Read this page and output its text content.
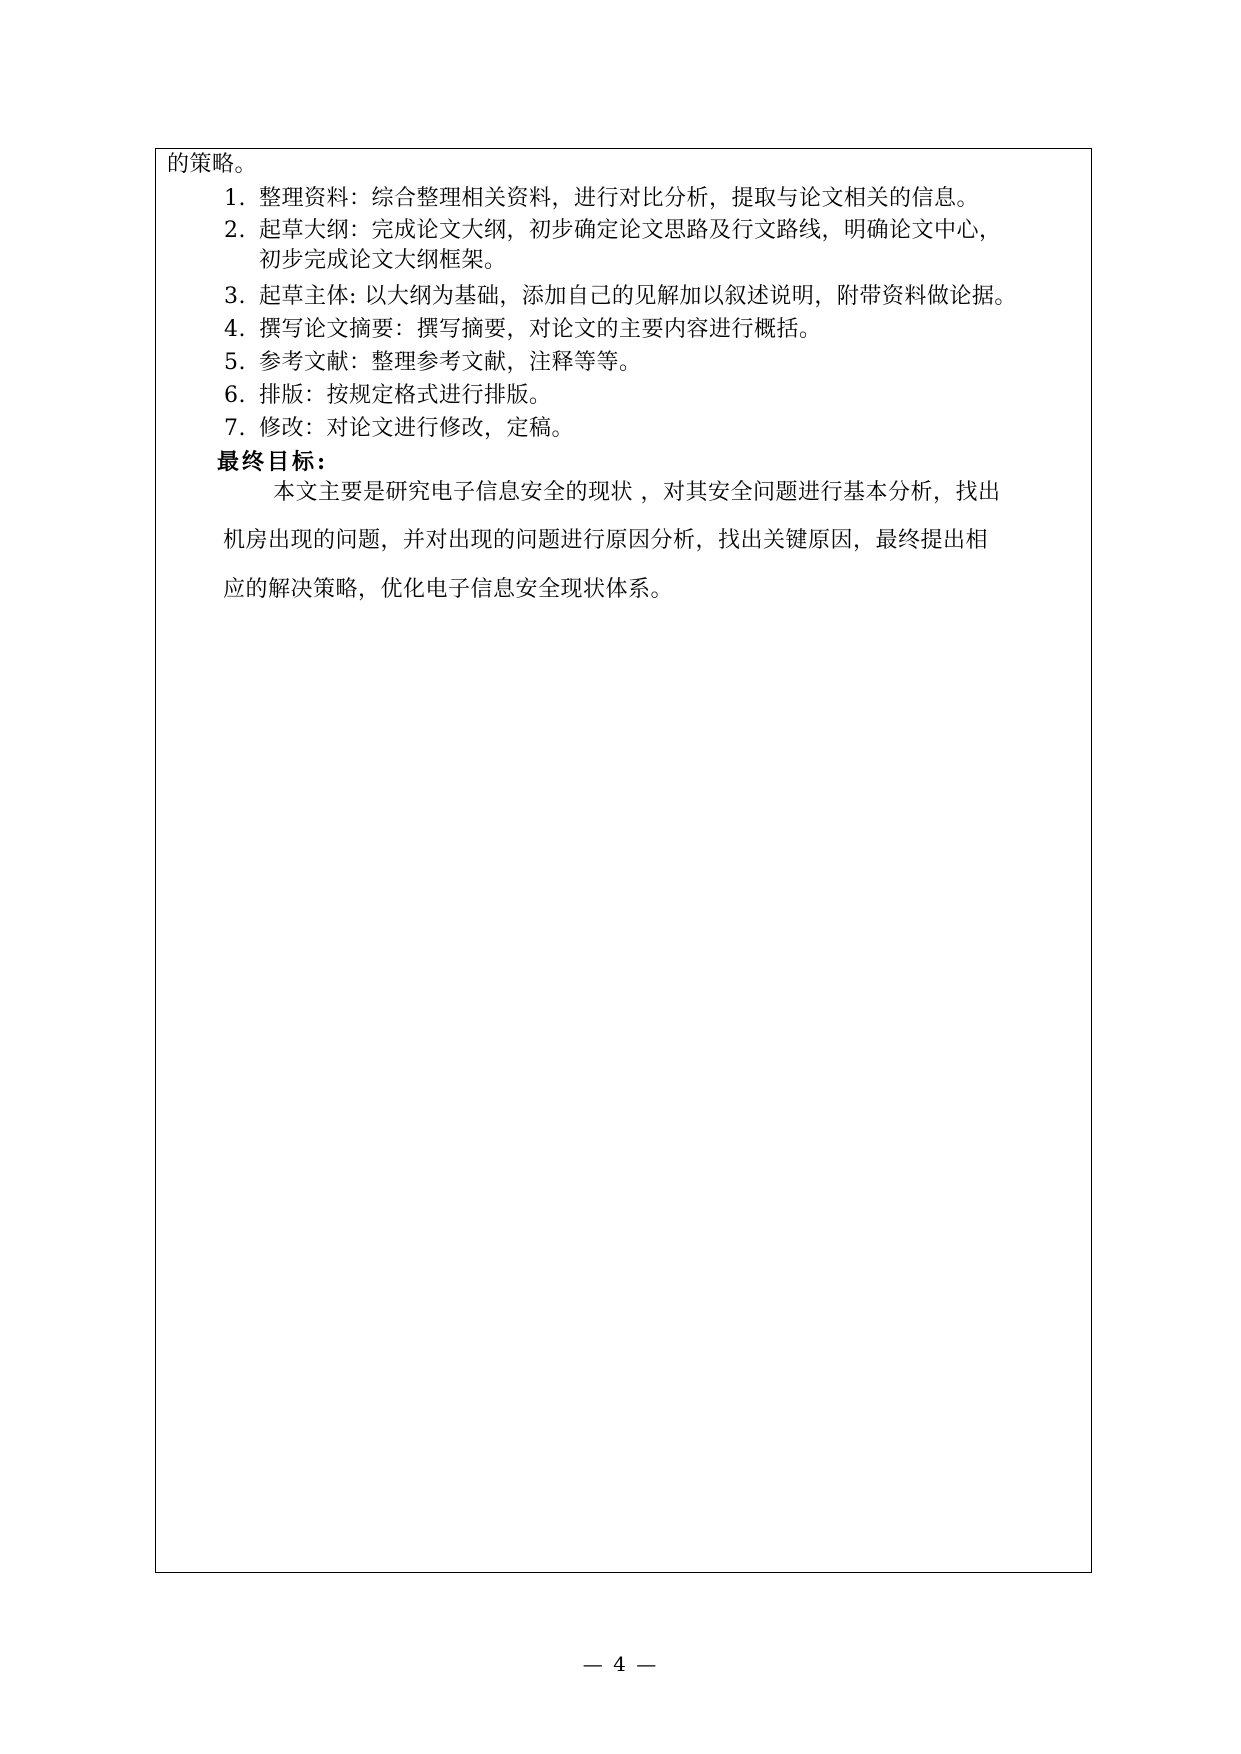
的策略。
1. 整理资料：综合整理相关资料，进行对比分析，提取与论文相关的信息。
2. 起草大纲：完成论文大纲，初步确定论文思路及行文路线，明确论文中心，
初步完成论文大纲框架。
3. 起草主体: 以大纲为基础，添加自己的见解加以叙述说明，附带资料做论据。
4. 撰写论文摘要：撰写摘要，对论文的主要内容进行概括。
5. 参考文献：整理参考文献，注释等等。
6. 排版：按规定格式进行排版。
7. 修改：对论文进行修改，定稿。
最终目标:
本文主要是研究电子信息安全的现状 ，对其安全问题进行基本分析，找出
机房出现的问题，并对出现的问题进行原因分析，找出关键原因，最终提出相
应的解决策略，优化电子信息安全现状体系。
— 4 —
